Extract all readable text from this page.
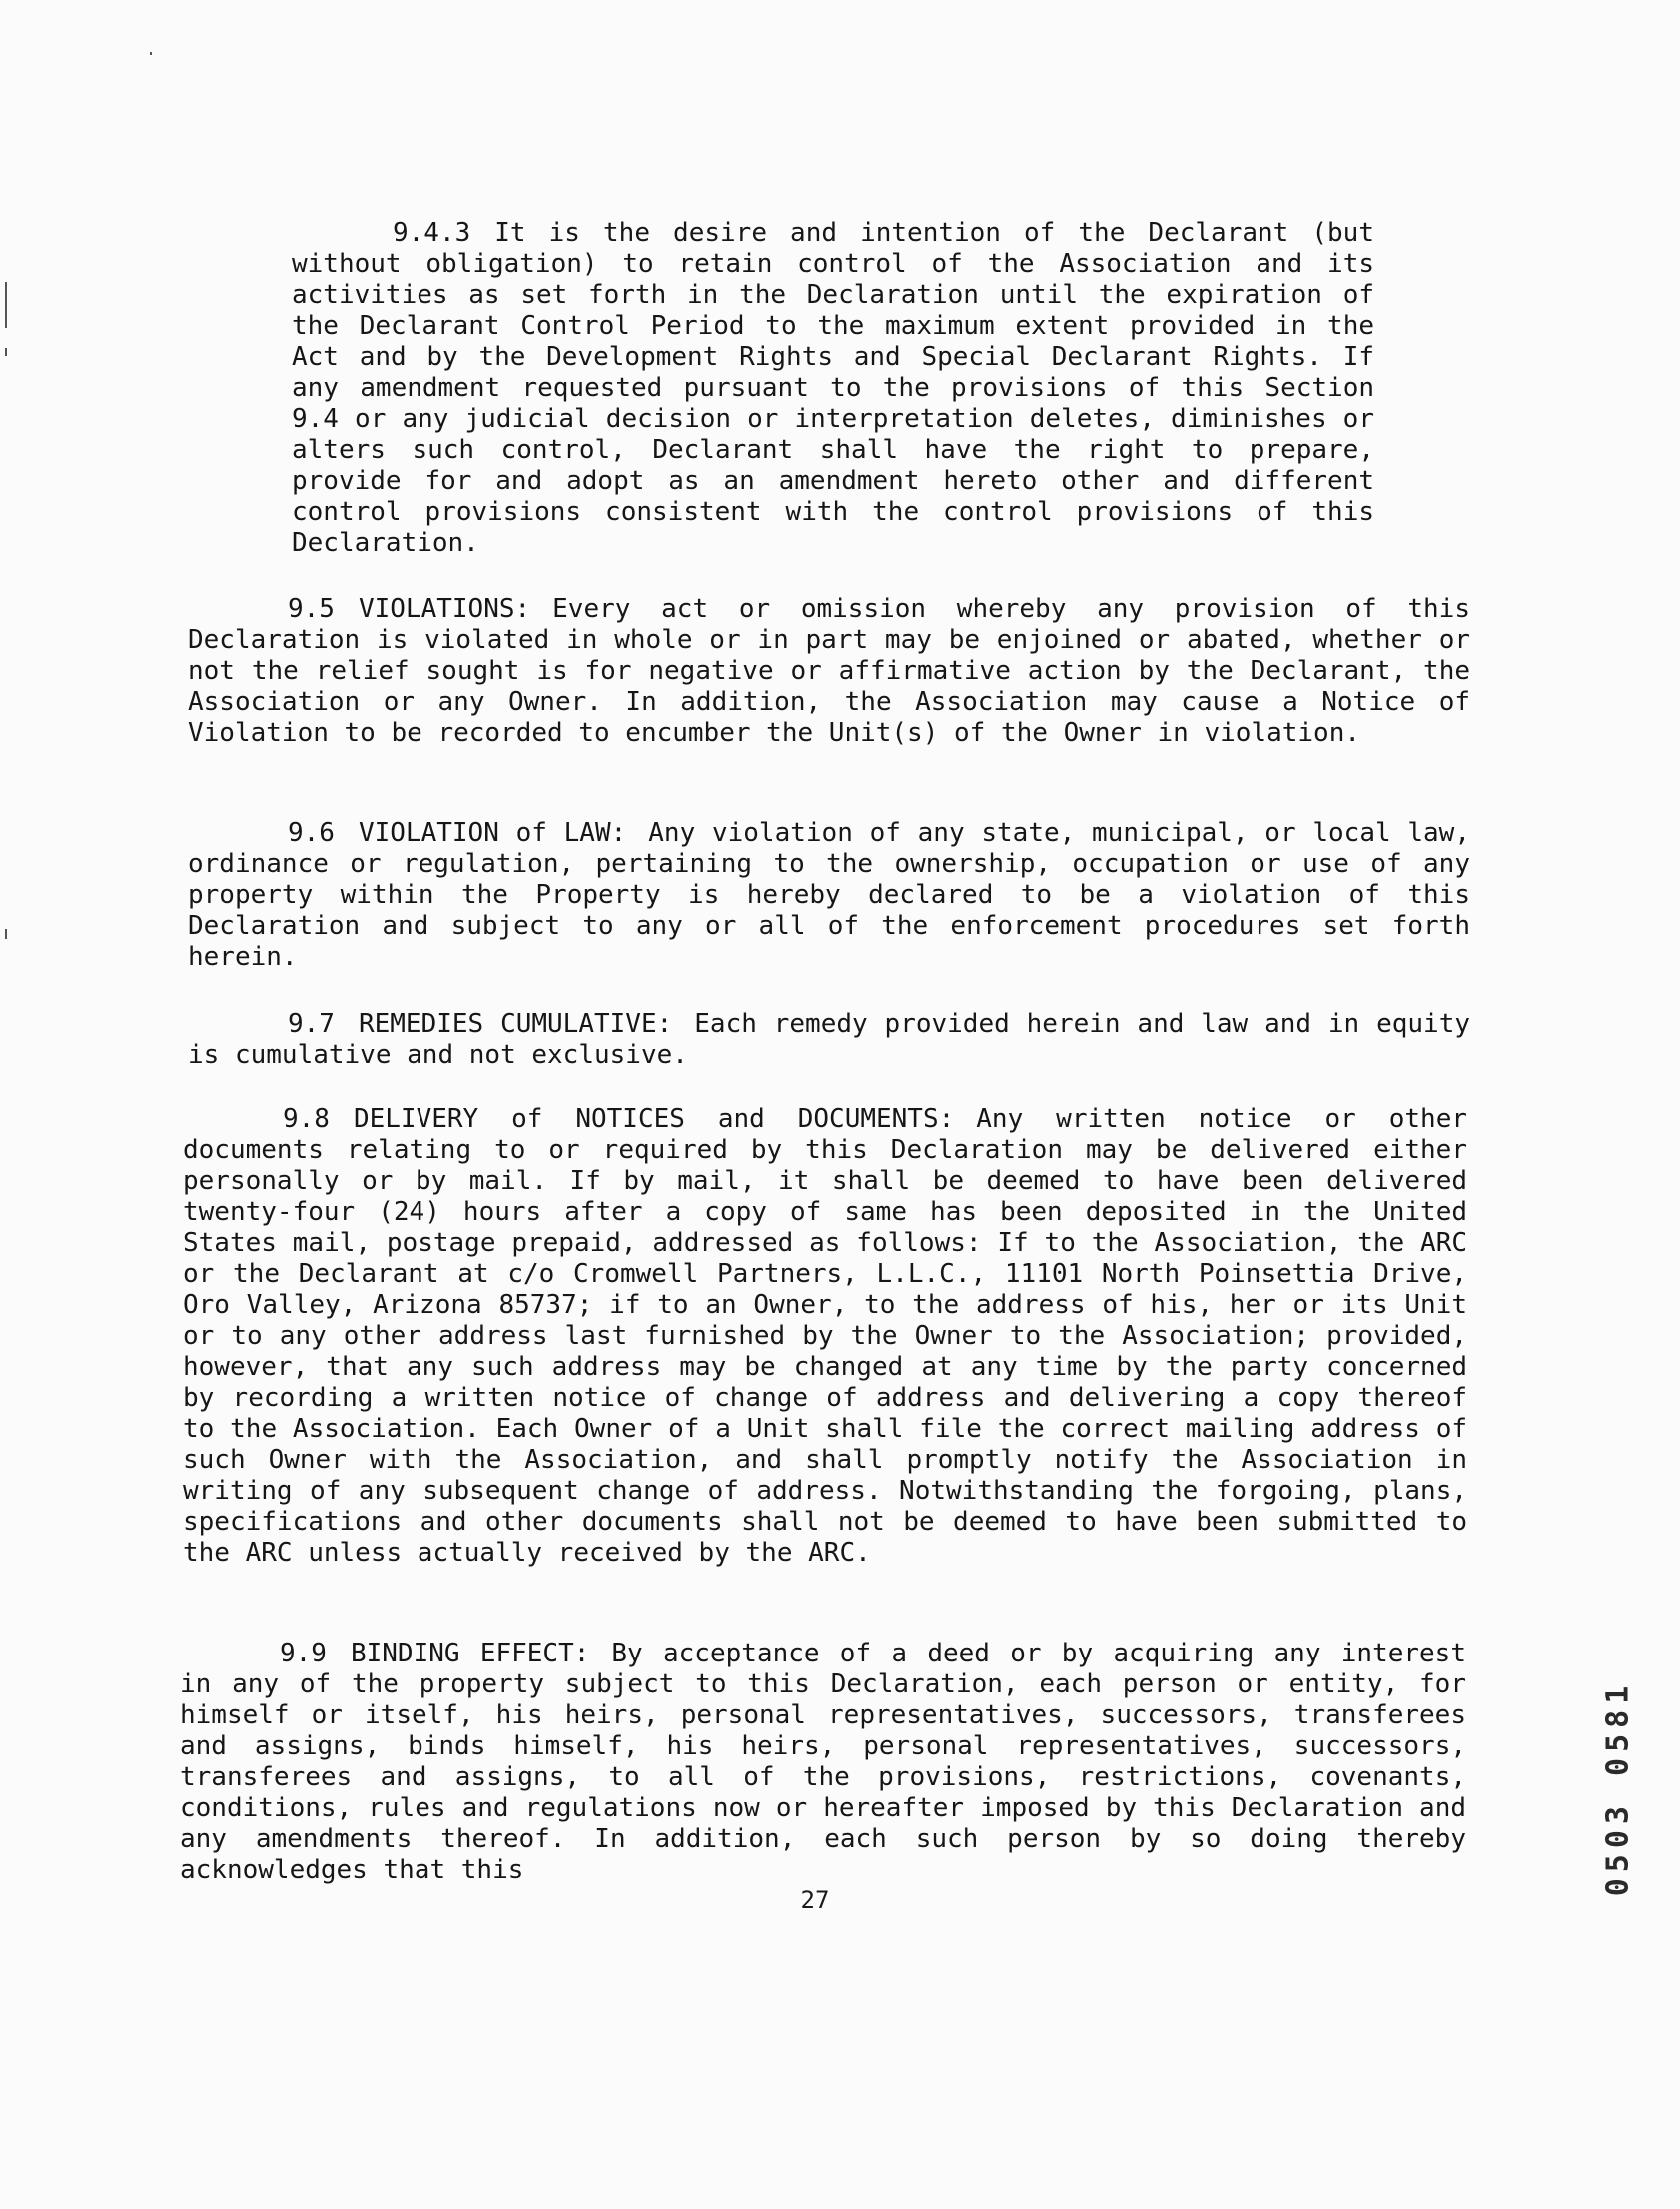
9.4.3 It is the desire and intention of the Declarant (but without obligation) to retain control of the Association and its activities as set forth in the Declaration until the expiration of the Declarant Control Period to the maximum extent provided in the Act and by the Development Rights and Special Declarant Rights. If any amendment requested pursuant to the provisions of this Section 9.4 or any judicial decision or interpretation deletes, diminishes or alters such control, Declarant shall have the right to prepare, provide for and adopt as an amendment hereto other and different control provisions consistent with the control provisions of this Declaration.
9.5 VIOLATIONS: Every act or omission whereby any provision of this Declaration is violated in whole or in part may be enjoined or abated, whether or not the relief sought is for negative or affirmative action by the Declarant, the Association or any Owner. In addition, the Association may cause a Notice of Violation to be recorded to encumber the Unit(s) of the Owner in violation.
9.6 VIOLATION of LAW: Any violation of any state, municipal, or local law, ordinance or regulation, pertaining to the ownership, occupation or use of any property within the Property is hereby declared to be a violation of this Declaration and subject to any or all of the enforcement procedures set forth herein.
9.7 REMEDIES CUMULATIVE: Each remedy provided herein and law and in equity is cumulative and not exclusive.
9.8 DELIVERY of NOTICES and DOCUMENTS: Any written notice or other documents relating to or required by this Declaration may be delivered either personally or by mail. If by mail, it shall be deemed to have been delivered twenty-four (24) hours after a copy of same has been deposited in the United States mail, postage prepaid, addressed as follows: If to the Association, the ARC or the Declarant at c/o Cromwell Partners, L.L.C., 11101 North Poinsettia Drive, Oro Valley, Arizona 85737; if to an Owner, to the address of his, her or its Unit or to any other address last furnished by the Owner to the Association; provided, however, that any such address may be changed at any time by the party concerned by recording a written notice of change of address and delivering a copy thereof to the Association. Each Owner of a Unit shall file the correct mailing address of such Owner with the Association, and shall promptly notify the Association in writing of any subsequent change of address. Notwithstanding the forgoing, plans, specifications and other documents shall not be deemed to have been submitted to the ARC unless actually received by the ARC.
9.9 BINDING EFFECT: By acceptance of a deed or by acquiring any interest in any of the property subject to this Declaration, each person or entity, for himself or itself, his heirs, personal representatives, successors, transferees and assigns, binds himself, his heirs, personal representatives, successors, transferees and assigns, to all of the provisions, restrictions, covenants, conditions, rules and regulations now or hereafter imposed by this Declaration and any amendments thereof. In addition, each such person by so doing thereby acknowledges that this
27
0503 0581
